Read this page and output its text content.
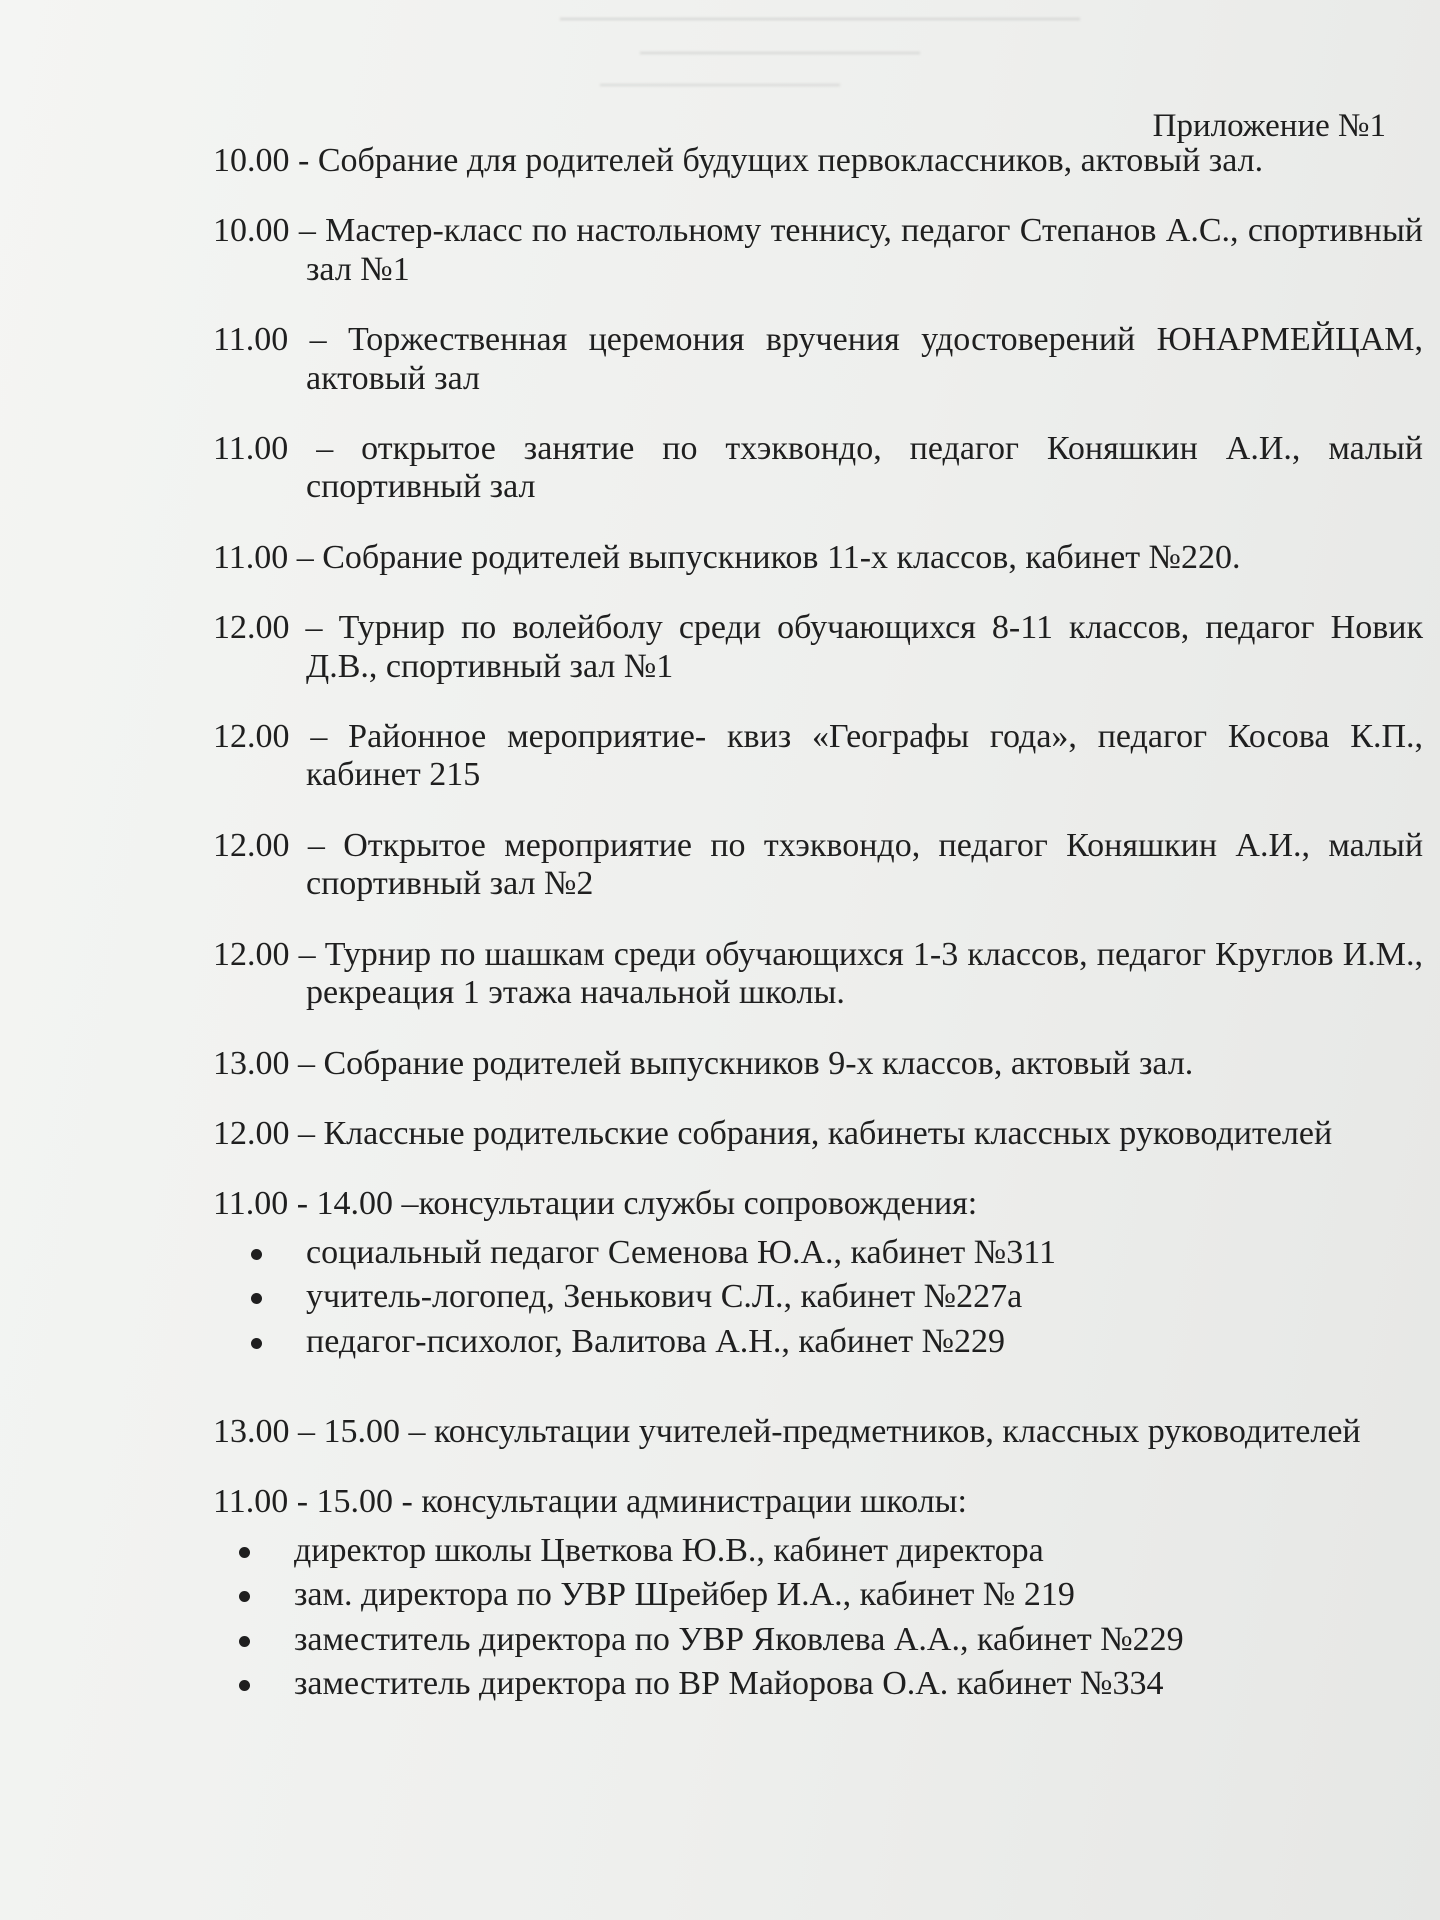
Приложение №1
10.00 - Собрание для родителей будущих первоклассников, актовый зал.
10.00 – Мастер-класс по настольному теннису, педагог Степанов А.С., спортивный зал №1
11.00 – Торжественная церемония вручения удостоверений ЮНАРМЕЙЦАМ, актовый зал
11.00 – открытое занятие по тхэквондо, педагог Коняшкин А.И., малый спортивный зал
11.00 – Собрание родителей выпускников 11-х классов, кабинет №220.
12.00 – Турнир по волейболу среди обучающихся 8-11 классов, педагог Новик Д.В., спортивный зал №1
12.00 – Районное мероприятие- квиз «Географы года», педагог Косова К.П., кабинет 215
12.00 – Открытое мероприятие по тхэквондо, педагог Коняшкин А.И., малый спортивный зал №2
12.00 – Турнир по шашкам среди обучающихся 1-3 классов, педагог Круглов И.М., рекреация 1 этажа начальной школы.
13.00 – Собрание родителей выпускников 9-х классов, актовый зал.
12.00 – Классные родительские собрания, кабинеты классных руководителей
11.00 - 14.00 –консультации службы сопровождения:
социальный педагог Семенова Ю.А., кабинет №311
учитель-логопед, Зенькович С.Л., кабинет №227а
педагог-психолог, Валитова А.Н., кабинет №229
13.00 – 15.00 – консультации учителей-предметников, классных руководителей
11.00 - 15.00 - консультации администрации школы:
директор школы Цветкова Ю.В., кабинет директора
зам. директора по УВР Шрейбер И.А., кабинет № 219
заместитель директора по УВР Яковлева А.А., кабинет №229
заместитель директора по ВР Майорова О.А. кабинет №334
